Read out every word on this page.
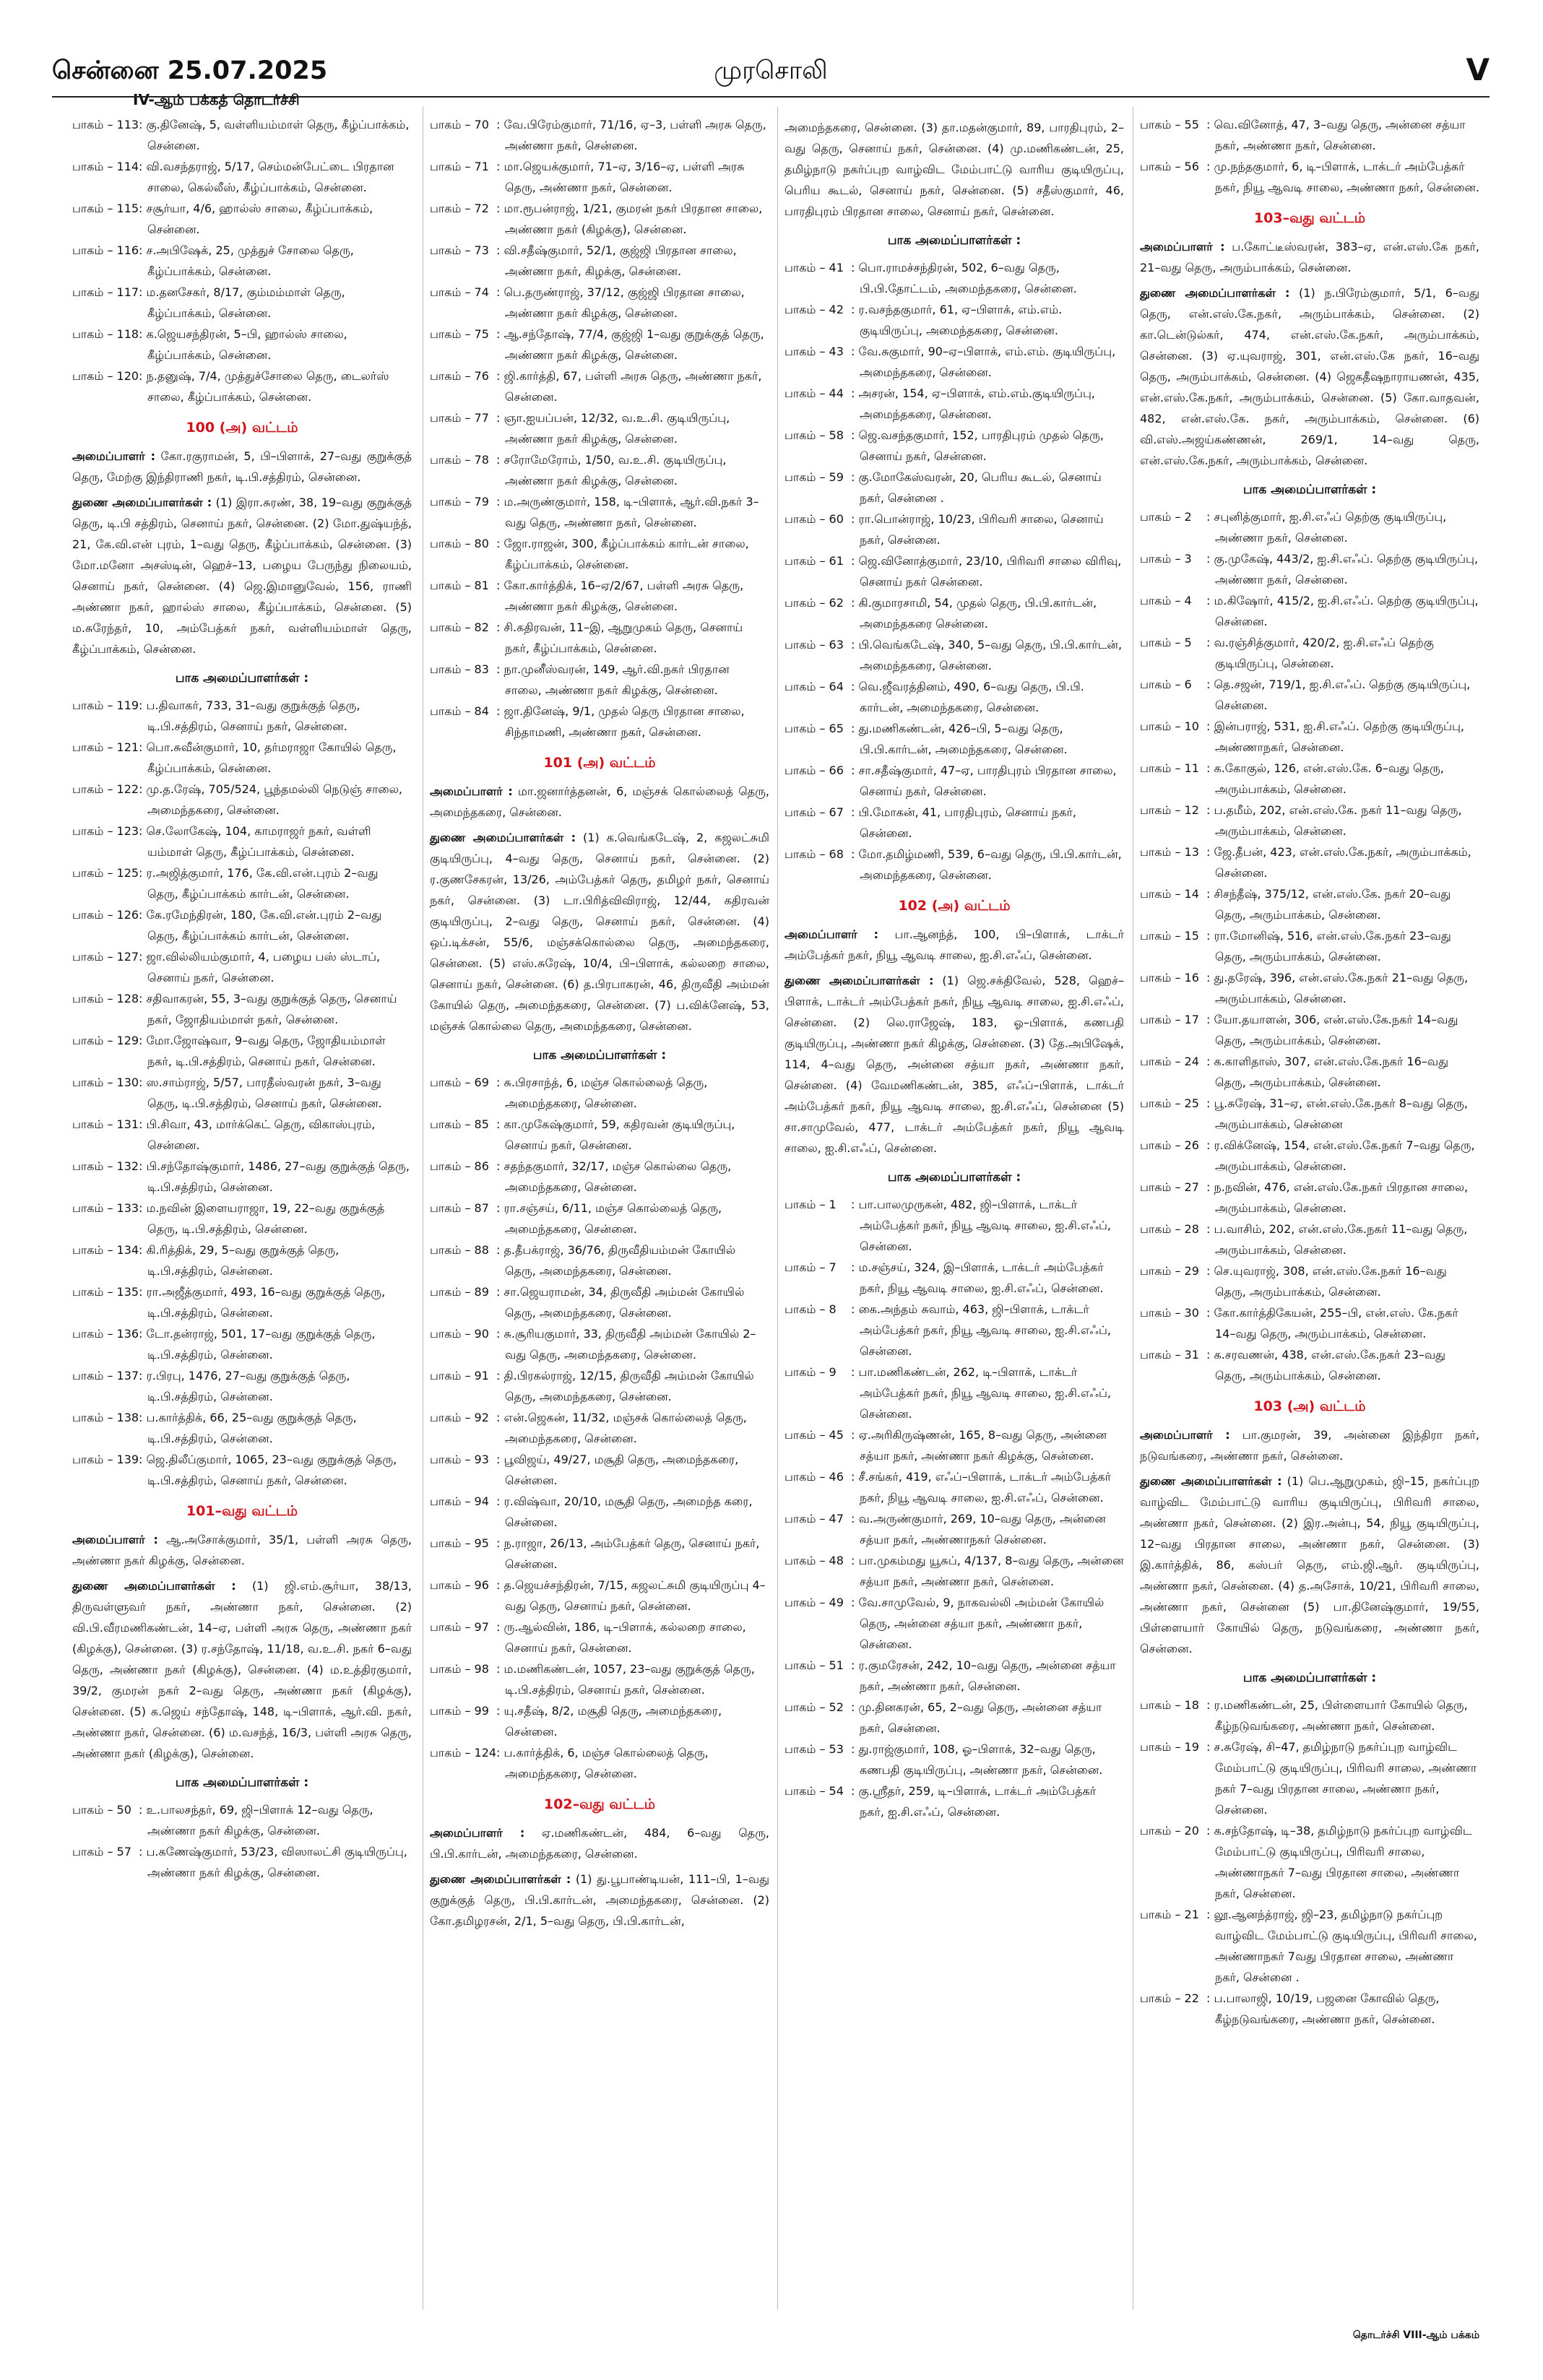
சென்னை 25.07.2025	முரசொலி	V
IV-ஆம் பக்கத் தொடர்ச்சி
பாகம் – 113 : கு.தினேஷ், 5, வள்ளியம்மாள் தெரு, கீழ்ப்பாக்கம், சென்னை.
பாகம் – 114 : வி.வசந்தராஜ், 5/17, செம்மன்பேட்டை பிரதான சாலை, கெல்லீஸ், கீழ்ப்பாக்கம், சென்னை.
பாகம் – 115 : சசூர்யா, 4/6, ஹால்ஸ் சாலை, கீழ்ப்பாக்கம், சென்னை.
பாகம் – 116 : ச.அபிஷேக், 25, முத்துச் சோலை தெரு, கீழ்ப்பாக்கம், சென்னை.
பாகம் – 117 : ம.தனசேகர், 8/17, கும்மம்மாள் தெரு, கீழ்ப்பாக்கம், சென்னை.
பாகம் – 118 : க.ஜெயசந்திரன், 5–பி, ஹால்ஸ் சாலை, கீழ்ப்பாக்கம், சென்னை.
பாகம் – 120 : ந.தனுஷ், 7/4, முத்துச்சோலை தெரு, டைலர்ஸ் சாலை, கீழ்ப்பாக்கம், சென்னை.
100 (அ) வட்டம்
அமைப்பாளர் : கோ.ரகுராமன், 5, பி–பிளாக், 27–வது குறுக்குத் தெரு, மேற்கு இந்திராணி நகர், டி.பி.சத்திரம், சென்னை.
துணை அமைப்பாளர்கள் : (1) இரா.சுரண், 38, 19–வது குறுக்குத் தெரு, டி.பி சத்திரம், செனாய் நகர், சென்னை. (2) மோ.துஷ்யந்த், 21, கே.வி.என் புரம், 1–வது தெரு, கீழ்ப்பாக்கம், சென்னை. (3) மோ.மனோ அசஸ்டின், ஹெச்–13, பழைய பேருந்து நிலையம், செனாய் நகர், சென்னை. (4) ஜெ.இமானுவேல், 156, ராணி அண்ணா நகர், ஹால்ஸ் சாலை, கீழ்ப்பாக்கம், சென்னை. (5) ம.சுரேந்தர், 10, அம்பேத்கர் நகர், வள்ளியம்மாள் தெரு, கீழ்ப்பாக்கம், சென்னை.
பாக அமைப்பாளர்கள் :
பாகம் – 119 : ப.திவாகர், 733, 31–வது குறுக்குத் தெரு, டி.பி.சத்திரம், செனாய் நகர், சென்னை.
பாகம் – 121 : பொ.சுவீன்குமார், 10, தர்மராஜா கோயில் தெரு, கீழ்ப்பாக்கம், சென்னை.
பாகம் – 122 : மு.த.ரேஷ், 705/524, பூந்தமல்லி நெடுஞ் சாலை, அமைந்தகரை, சென்னை.
பாகம் – 123 : செ.லோகேஷ், 104, காமராஜர் நகர், வள்ளி யம்மாள் தெரு, கீழ்ப்பாக்கம், சென்னை.
பாகம் – 125 : ர.அஜித்குமார், 176, கே.வி.என்.புரம் 2–வது தெரு, கீழ்ப்பாக்கம் கார்டன், சென்னை.
பாகம் – 126 : கே.ரமேந்திரன், 180, கே.வி.என்.புரம் 2–வது தெரு, கீழ்ப்பாக்கம் கார்டன், சென்னை.
பாகம் – 127 : ஜா.வில்லியம்குமார், 4, பழைய பஸ் ஸ்டாப், செனாய் நகர், சென்னை.
பாகம் – 128 : சதிவாகரன், 55, 3–வது குறுக்குத் தெரு, செனாய் நகர், ஜோதியம்மாள் நகர், சென்னை.
பாகம் – 129 : மோ.ஜோஷ்வா, 9–வது தெரு, ஜோதியம்மாள் நகர், டி.பி.சத்திரம், செனாய் நகர், சென்னை.
பாகம் – 130 : ஸ.சாம்ராஜ், 5/57, பாரதீஸ்வரன் நகர், 3–வது தெரு, டி.பி.சத்திரம், செனாய் நகர், சென்னை.
பாகம் – 131 : பி.சிவா, 43, மார்க்கெட் தெரு, விகாஸ்புரம், சென்னை.
பாகம் – 132 : பி.சந்தோஷ்குமார், 1486, 27–வது குறுக்குத் தெரு, டி.பி.சத்திரம், சென்னை.
பாகம் – 133 : ம.நவின் இளையராஜா, 19, 22–வது குறுக்குத் தெரு, டி.பி.சத்திரம், சென்னை.
பாகம் – 134 : கி.ரித்திக், 29, 5–வது குறுக்குத் தெரு, டி.பி.சத்திரம், சென்னை.
பாகம் – 135 : ரா.அஜீத்குமார், 493, 16–வது குறுக்குத் தெரு, டி.பி.சத்திரம், சென்னை.
பாகம் – 136 : டோ.தன்ராஜ், 501, 17–வது குறுக்குத் தெரு, டி.பி.சத்திரம், சென்னை.
பாகம் – 137 : ர.பிரபு, 1476, 27–வது குறுக்குத் தெரு, டி.பி.சத்திரம், சென்னை.
பாகம் – 138 : ப.கார்த்திக், 66, 25–வது குறுக்குத் தெரு, டி.பி.சத்திரம், சென்னை.
பாகம் – 139 : ஜெ.திலீப்குமார், 1065, 23–வது குறுக்குத் தெரு, டி.பி.சத்திரம், செனாய் நகர், சென்னை.
101–வது வட்டம்
அமைப்பாளர் : ஆ.அசோக்குமார், 35/1, பள்ளி அரசு தெரு, அண்ணா நகர் கிழக்கு, சென்னை.
துணை அமைப்பாளர்கள் : (1) ஜி.எம்.சூர்யா, 38/13, திருவள்ளுவர் நகர், அண்ணா நகர், சென்னை. (2) வி.பி.வீரமணிகண்டன், 14–ஏ, பள்ளி அரசு தெரு, அண்ணா நகர் (கிழக்கு), சென்னை. (3) ர.சந்தோஷ், 11/18, வ.உ.சி. நகர் 6–வது தெரு, அண்ணா நகர் (கிழக்கு), சென்னை. (4) ம.உத்திரகுமார், 39/2, குமரன் நகர் 2–வது தெரு, அண்ணா நகர் (கிழக்கு), சென்னை. (5) க.ஜெய் சந்தோஷ், 148, டி–பிளாக், ஆர்.வி. நகர், அண்ணா நகர், சென்னை. (6) ம.வசந்த், 16/3, பள்ளி அரசு தெரு, அண்ணா நகர் (கிழக்கு), சென்னை.
பாக அமைப்பாளர்கள் :
பாகம் – 50 : உ.பாலசந்தர், 69, ஜி–பிளாக் 12–வது தெரு, அண்ணா நகர் கிழக்கு, சென்னை.
பாகம் – 57 : ப.கணேஷ்குமார், 53/23, விஸாலட்சி குடியிருப்பு, அண்ணா நகர் கிழக்கு, சென்னை.
பாகம் – 70 : வே.பிரேம்குமார், 71/16, ஏ–3, பள்ளி அரசு தெரு, அண்ணா நகர், சென்னை.
பாகம் – 71 : மா.ஜெயக்குமார், 71–ஏ, 3/16–ஏ, பள்ளி அரசு தெரு, அண்ணா நகர், சென்னை.
பாகம் – 72 : மா.ரூபன்ராஜ், 1/21, குமரன் நகர் பிரதான சாலை, அண்ணா நகர் (கிழக்கு), சென்னை.
பாகம் – 73 : வி.சதீஷ்குமார், 52/1, குஜ்ஜி பிரதான சாலை, அண்ணா நகர், கிழக்கு, சென்னை.
பாகம் – 74 : பெ.தருண்ராஜ், 37/12, குஜ்ஜி பிரதான சாலை, அண்ணா நகர் கிழக்கு, சென்னை.
பாகம் – 75 : ஆ.சந்தோஷ், 77/4, குஜ்ஜி 1–வது குறுக்குத் தெரு, அண்ணா நகர் கிழக்கு, சென்னை.
பாகம் – 76 : ஜி.கார்த்தி, 67, பள்ளி அரசு தெரு, அண்ணா நகர், சென்னை.
பாகம் – 77 : ஞா.ஐயப்பன், 12/32, வ.உ.சி. குடியிருப்பு, அண்ணா நகர் கிழக்கு, சென்னை.
பாகம் – 78 : சரோமேரோம், 1/50, வ.உ.சி. குடியிருப்பு, அண்ணா நகர் கிழக்கு, சென்னை.
பாகம் – 79 : ம.அருண்குமார், 158, டி–பிளாக், ஆர்.வி.நகர் 3–வது தெரு, அண்ணா நகர், சென்னை.
பாகம் – 80 : ஜோ.ராஜன், 300, கீழ்ப்பாக்கம் கார்டன் சாலை, கீழ்ப்பாக்கம், சென்னை.
பாகம் – 81 : கோ.கார்த்திக், 16–ஏ/2/67, பள்ளி அரசு தெரு, அண்ணா நகர் கிழக்கு, சென்னை.
பாகம் – 82 : சி.கதிரவன், 11–இ, ஆறுமுகம் தெரு, செனாய் நகர், கீழ்ப்பாக்கம், சென்னை.
பாகம் – 83 : நா.முனீஸ்வரன், 149, ஆர்.வி.நகர் பிரதான சாலை, அண்ணா நகர் கிழக்கு, சென்னை.
பாகம் – 84 : ஜா.தினேஷ், 9/1, முதல் தெரு பிரதான சாலை, சிந்தாமணி, அண்ணா நகர், சென்னை.
101 (அ) வட்டம்
அமைப்பாளர் : மா.ஜனார்த்தனன், 6, மஞ்சக் கொல்லைத் தெரு, அமைந்தகரை, சென்னை.
துணை அமைப்பாளர்கள் : (1) க.வெங்கடேஷ், 2, கஜலட்சுமி குடியிருப்பு, 4–வது தெரு, செனாய் நகர், சென்னை. (2) ர.குணசேகரன், 13/26, அம்பேத்கர் தெரு, தமிழர் நகர், செனாய் நகர், சென்னை. (3) டா.பிரித்விவிராஜ், 12/44, கதிரவன் குடியிருப்பு, 2–வது தெரு, செனாய் நகர், சென்னை. (4) ஒப்.டிக்சன், 55/6, மஞ்சக்கொல்லை தெரு, அமைந்தகரை, சென்னை. (5) எஸ்.சுரேஷ், 10/4, பி–பிளாக், கல்லறை சாலை, செனாய் நகர், சென்னை. (6) த.பிரபாகரன், 46, திருவீதி அம்மன் கோயில் தெரு, அமைந்தகரை, சென்னை. (7) ப.விக்னேஷ், 53, மஞ்சக் கொல்லை தெரு, அமைந்தகரை, சென்னை.
பாக அமைப்பாளர்கள் :
பாகம் – 69 : சு.பிரசாந்த், 6, மஞ்ச கொல்லைத் தெரு, அமைந்தகரை, சென்னை.
பாகம் – 85 : கா.முகேஷ்குமார், 59, கதிரவன் குடியிருப்பு, செனாய் நகர், சென்னை.
பாகம் – 86 : சதந்தகுமார், 32/17, மஞ்ச கொல்லை தெரு, அமைந்தகரை, சென்னை.
பாகம் – 87 : ரா.சஞ்சய், 6/11, மஞ்ச கொல்லைத் தெரு, அமைந்தகரை, சென்னை.
பாகம் – 88 : த.தீபக்ராஜ், 36/76, திருவீதியம்மன் கோயில் தெரு, அமைந்தகரை, சென்னை.
பாகம் – 89 : சா.ஜெயராமன், 34, திருவீதி அம்மன் கோயில் தெரு, அமைந்தகரை, சென்னை.
பாகம் – 90 : சு.சூரியகுமார், 33, திருவீதி அம்மன் கோயில் 2–வது தெரு, அமைந்தகரை, சென்னை.
பாகம் – 91 : தி.பிரகல்ராஜ், 12/15, திருவீதி அம்மன் கோயில் தெரு, அமைந்தகரை, சென்னை.
பாகம் – 92 : என்.ஜெகன், 11/32, மஞ்சக் கொல்லைத் தெரு, அமைந்தகரை, சென்னை.
பாகம் – 93 : பூவிஜய், 49/27, மசூதி தெரு, அமைந்தகரை, சென்னை.
பாகம் – 94 : ர.விஷ்வா, 20/10, மசூதி தெரு, அமைந்த கரை, சென்னை.
பாகம் – 95 : ந.ராஜா, 26/13, அம்பேத்கர் தெரு, செனாய் நகர், சென்னை.
பாகம் – 96 : த.ஜெயச்சந்திரன், 7/15, கஜலட்சுமி குடியிருப்பு 4–வது தெரு, செனாய் நகர், சென்னை.
பாகம் – 97 : ரு.ஆல்வின், 186, டி–பிளாக், கல்லறை சாலை, செனாய் நகர், சென்னை.
பாகம் – 98 : ம.மணிகண்டன், 1057, 23–வது குறுக்குத் தெரு, டி.பி.சத்திரம், செனாய் நகர், சென்னை.
பாகம் – 99 : யு.சதீஷ், 8/2, மசூதி தெரு, அமைந்தகரை, சென்னை.
பாகம் – 124 : ப.கார்த்திக், 6, மஞ்ச கொல்லைத் தெரு, அமைந்தகரை, சென்னை.
102–வது வட்டம்
அமைப்பாளர் : ஏ.மணிகண்டன், 484, 6–வது தெரு, பி.பி.கார்டன், அமைந்தகரை, சென்னை.
துணை அமைப்பாளர்கள் : (1) து.பூபாண்டியன், 111–பி, 1–வது குறுக்குத் தெரு, பி.பி.கார்டன், அமைந்தகரை, சென்னை. (2) கோ.தமிழரசன், 2/1, 5–வது தெரு, பி.பி.கார்டன்,
அமைந்தகரை, சென்னை. (3) தா.மதன்குமார், 89, பாரதிபுரம், 2–வது தெரு, செனாய் நகர், சென்னை. (4) மு.மணிகண்டன், 25, தமிழ்நாடு நகர்ப்புற வாழ்விட மேம்பாட்டு வாரிய குடியிருப்பு, பெரிய கூடல், செனாய் நகர், சென்னை. (5) சதீஸ்குமார், 46, பாரதிபுரம் பிரதான சாலை, செனாய் நகர், சென்னை.
பாக அமைப்பாளர்கள் :
பாகம் – 41 : பொ.ராமச்சந்திரன், 502, 6–வது தெரு, பி.பி.தோட்டம், அமைந்தகரை, சென்னை.
பாகம் – 42 : ர.வசந்தகுமார், 61, ஏ–பிளாக், எம்.எம். குடியிருப்பு, அமைந்தகரை, சென்னை.
பாகம் – 43 : வே.சுகுமார், 90–ஏ–பிளாக், எம்.எம். குடியிருப்பு, அமைந்தகரை, சென்னை.
பாகம் – 44 : அசரன், 154, ஏ–பிளாக், எம்.எம்.குடியிருப்பு, அமைந்தகரை, சென்னை.
பாகம் – 58 : ஜெ.வசந்தகுமார், 152, பாரதிபுரம் முதல் தெரு, செனாய் நகர், சென்னை.
பாகம் – 59 : கு.மோகேஸ்வரன், 20, பெரிய கூடல், செனாய் நகர், சென்னை .
பாகம் – 60 : ரா.பொன்ராஜ், 10/23, பிரிவரி சாலை, செனாய் நகர், சென்னை.
பாகம் – 61 : ஜெ.வினோத்குமார், 23/10, பிரிவரி சாலை விரிவு, செனாய் நகர் சென்னை.
பாகம் – 62 : கி.குமாரசாமி, 54, முதல் தெரு, பி.பி.கார்டன், அமைந்தகரை சென்னை.
பாகம் – 63 : பி.வெங்கடேஷ், 340, 5–வது தெரு, பி.பி.கார்டன், அமைந்தகரை, சென்னை.
பாகம் – 64 : வெ.ஜீவரத்தினம், 490, 6–வது தெரு, பி.பி. கார்டன், அமைந்தகரை, சென்னை.
பாகம் – 65 : து.மணிகண்டன், 426–பி, 5–வது தெரு, பி.பி.கார்டன், அமைந்தகரை, சென்னை.
பாகம் – 66 : சா.சதீஷ்குமார், 47–ஏ, பாரதிபுரம் பிரதான சாலை, செனாய் நகர், சென்னை.
பாகம் – 67 : பி.மோகன், 41, பாரதிபுரம், செனாய் நகர், சென்னை.
பாகம் – 68 : மோ.தமிழ்மணி, 539, 6–வது தெரு, பி.பி.கார்டன், அமைந்தகரை, சென்னை.
102 (அ) வட்டம்
அமைப்பாளர் : பா.ஆனந்த், 100, பி–பிளாக், டாக்டர் அம்பேத்கர் நகர், நியூ ஆவடி சாலை, ஐ.சி.எஃப், சென்னை.
துணை அமைப்பாளர்கள் : (1) ஜெ.சக்திவேல், 528, ஹெச்–பிளாக், டாக்டர் அம்பேத்கர் நகர், நியூ ஆவடி சாலை, ஐ.சி.எஃப், சென்னை. (2) லெ.ராஜேஷ், 183, ஓ–பிளாக், கணபதி குடியிருப்பு, அண்ணா நகர் கிழக்கு, சென்னை. (3) தே.அபிஷேக், 114, 4–வது தெரு, அன்னை சத்யா நகர், அண்ணா நகர், சென்னை. (4) வேமணிகண்டன், 385, எஃப்–பிளாக், டாக்டர் அம்பேத்கர் நகர், நியூ ஆவடி சாலை, ஐ.சி.எஃப், சென்னை (5) சா.சாமுவேல், 477, டாக்டர் அம்பேத்கர் நகர், நியூ ஆவடி சாலை, ஐ.சி.எஃப், சென்னை.
பாக அமைப்பாளர்கள் :
பாகம் – 1	: பா.பாலமுருகன், 482, ஜி–பிளாக், டாக்டர் அம்பேத்கர் நகர், நியூ ஆவடி சாலை, ஐ.சி.எஃப், சென்னை.
பாகம் – 7	: ம.சஞ்சய், 324, இ–பிளாக், டாக்டர் அம்பேத்கர் நகர், நியூ ஆவடி சாலை, ஐ.சி.எஃப், சென்னை.
பாகம் – 8	: கை.அந்தம் சுவாம், 463, ஜி–பிளாக், டாக்டர் அம்பேத்கர் நகர், நியூ ஆவடி சாலை, ஐ.சி.எஃப், சென்னை.
பாகம் – 9	: பா.மணிகண்டன், 262, டி–பிளாக், டாக்டர் அம்பேத்கர் நகர், நியூ ஆவடி சாலை, ஐ.சி.எஃப், சென்னை.
பாகம் – 45 : ஏ.அரிகிருஷ்ணன், 165, 8–வது தெரு, அன்னை சத்யா நகர், அண்ணா நகர் கிழக்கு, சென்னை.
பாகம் – 46 : சீ.சங்கர், 419, எஃப்–பிளாக், டாக்டர் அம்பேத்கர் நகர், நியூ ஆவடி சாலை, ஐ.சி.எஃப், சென்னை.
பாகம் – 47 : வ.அருண்குமார், 269, 10–வது தெரு, அன்னை சத்யா நகர், அண்ணாநகர் சென்னை.
பாகம் – 48 : பா.முகம்மது யூசுப், 4/137, 8–வது தெரு, அன்னை சத்யா நகர், அண்ணா நகர், சென்னை.
பாகம் – 49 : வே.சாமுவேல், 9, நாகவல்லி அம்மன் கோயில் தெரு, அன்னை சத்யா நகர், அண்ணா நகர், சென்னை.
பாகம் – 51 : ர.குமரேசன், 242, 10–வது தெரு, அன்னை சத்யா நகர், அண்ணா நகர், சென்னை.
பாகம் – 52 : மு.தினகரன், 65, 2–வது தெரு, அன்னை சத்யா நகர், சென்னை.
பாகம் – 53 : து.ராஜ்குமார், 108, ஓ–பிளாக், 32–வது தெரு, கணபதி குடியிருப்பு, அண்ணா நகர், சென்னை.
பாகம் – 54 : கு.ஸ்ரீதர், 259, டி–பிளாக், டாக்டர் அம்பேத்கர் நகர், ஐ.சி.எஃப், சென்னை.
பாகம் – 55 : வெ.வினோத், 47, 3–வது தெரு, அன்னை சத்யா நகர், அண்ணா நகர், சென்னை.
பாகம் – 56 : மு.நந்தகுமார், 6, டி–பிளாக், டாக்டர் அம்பேத்கர் நகர், நியூ ஆவடி சாலை, அண்ணா நகர், சென்னை.
103–வது வட்டம்
அமைப்பாளர் : ப.கோட்டீஸ்வரன், 383–ஏ, என்.எஸ்.கே நகர், 21–வது தெரு, அரும்பாக்கம், சென்னை.
துணை அமைப்பாளர்கள் : (1) ந.பிரேம்குமார், 5/1, 6–வது தெரு, என்.எஸ்.கே.நகர், அரும்பாக்கம், சென்னை. (2) கா.டென்டுல்கர், 474, என்.எஸ்.கே.நகர், அரும்பாக்கம், சென்னை. (3) ஏ.யுவராஜ், 301, என்.எஸ்.கே நகர், 16–வது தெரு, அரும்பாக்கம், சென்னை. (4) ஜெகதீஷநாராயணன், 435, என்.எஸ்.கே.நகர், அரும்பாக்கம், சென்னை. (5) கோ.வாதவன், 482, என்.எஸ்.கே. நகர், அரும்பாக்கம், சென்னை. (6) வி.எஸ்.அஜய்கண்ணன், 269/1, 14–வது தெரு, என்.எஸ்.கே.நகர், அரும்பாக்கம், சென்னை.
பாக அமைப்பாளர்கள் :
பாகம் – 2	: சபுனித்குமார், ஐ.சி.எஃப் தெற்கு குடியிருப்பு, அண்ணா நகர், சென்னை.
பாகம் – 3	: கு.முகேஷ், 443/2, ஐ.சி.எஃப். தெற்கு குடியிருப்பு, அண்ணா நகர், சென்னை.
பாகம் – 4	: ம.கிஷோர், 415/2, ஐ.சி.எஃப். தெற்கு குடியிருப்பு, சென்னை.
பாகம் – 5	: வ.ரஞ்சித்குமார், 420/2, ஐ.சி.எஃப் தெற்கு குடியிருப்பு, சென்னை.
பாகம் – 6	: தெ.சஜன், 719/1, ஐ.சி.எஃப். தெற்கு குடியிருப்பு, சென்னை.
பாகம் – 10 : இன்பராஜ், 531, ஐ.சி.எஃப். தெற்கு குடியிருப்பு, அண்ணாநகர், சென்னை.
பாகம் – 11 : க.கோகுல், 126, என்.எஸ்.கே. 6–வது தெரு, அரும்பாக்கம், சென்னை.
பாகம் – 12 : ப.தமீம், 202, என்.எஸ்.கே. நகர் 11–வது தெரு, அரும்பாக்கம், சென்னை.
பாகம் – 13 : ஜே.தீபன், 423, என்.எஸ்.கே.நகர், அரும்பாக்கம், சென்னை.
பாகம் – 14 : சிசந்தீஷ், 375/12, என்.எஸ்.கே. நகர் 20–வது தெரு, அரும்பாக்கம், சென்னை.
பாகம் – 15 : ரா.மோனிஷ், 516, என்.எஸ்.கே.நகர் 23–வது தெரு, அரும்பாக்கம், சென்னை.
பாகம் – 16 : து.தரேஷ், 396, என்.எஸ்.கே.நகர் 21–வது தெரு, அரும்பாக்கம், சென்னை.
பாகம் – 17 : யோ.தயாளன், 306, என்.எஸ்.கே.நகர் 14–வது தெரு, அரும்பாக்கம், சென்னை.
பாகம் – 24 : க.காளிதாஸ், 307, என்.எஸ்.கே.நகர் 16–வது தெரு, அரும்பாக்கம், சென்னை.
பாகம் – 25 : பூ.சுரேஷ், 31–ஏ, என்.எஸ்.கே.நகர் 8–வது தெரு, அரும்பாக்கம், சென்னை
பாகம் – 26 : ர.விக்னேஷ், 154, என்.எஸ்.கே.நகர் 7–வது தெரு, அரும்பாக்கம், சென்னை.
பாகம் – 27 : ந.நவின், 476, என்.எஸ்.கே.நகர் பிரதான சாலை, அரும்பாக்கம், சென்னை.
பாகம் – 28 : ப.வாசிம், 202, என்.எஸ்.கே.நகர் 11–வது தெரு, அரும்பாக்கம், சென்னை.
பாகம் – 29 : செ.யுவராஜ், 308, என்.எஸ்.கே.நகர் 16–வது தெரு, அரும்பாக்கம், சென்னை.
பாகம் – 30 : கோ.கார்த்திகேயன், 255–பி, என்.எஸ். கே.நகர் 14–வது தெரு, அரும்பாக்கம், சென்னை.
பாகம் – 31 : க.சரவணன், 438, என்.எஸ்.கே.நகர் 23–வது தெரு, அரும்பாக்கம், சென்னை.
103 (அ) வட்டம்
அமைப்பாளர் : பா.குமரன், 39, அன்னை இந்திரா நகர், நடுவங்கரை, அண்ணா நகர், சென்னை.
துணை அமைப்பாளர்கள் : (1) பெ.ஆறுமுகம், ஜி–15, நகர்ப்புற வாழ்விட மேம்பாட்டு வாரிய குடியிருப்பு, பிரிவரி சாலை, அண்ணா நகர், சென்னை. (2) இர.அன்பு, 54, நியூ குடியிருப்பு, 12–வது பிரதான சாலை, அண்ணா நகர், சென்னை. (3) இ.கார்த்திக், 86, கஸ்பர் தெரு, எம்.ஜி.ஆர். குடியிருப்பு, அண்ணா நகர், சென்னை. (4) த.அசோக், 10/21, பிரிவரி சாலை, அண்ணா நகர், சென்னை (5) பா.தினேஷ்குமார், 19/55, பிள்ளையார் கோயில் தெரு, நடுவங்கரை, அண்ணா நகர், சென்னை.
பாக அமைப்பாளர்கள் :
பாகம் – 18 : ர.மணிகண்டன், 25, பிள்ளையார் கோயில் தெரு, கீழ்நடுவங்கரை, அண்ணா நகர், சென்னை.
பாகம் – 19 : ச.சுரேஷ், சி–47, தமிழ்நாடு நகர்ப்புற வாழ்விட மேம்பாட்டு குடியிருப்பு, பிரிவரி சாலை, அண்ணா நகர் 7–வது பிரதான சாலை, அண்ணா நகர், சென்னை.
பாகம் – 20 : க.சந்தோஷ், டி–38, தமிழ்நாடு நகர்ப்புற வாழ்விட மேம்பாட்டு குடியிருப்பு, பிரிவரி சாலை, அண்ணாநகர் 7–வது பிரதான சாலை, அண்ணா நகர், சென்னை.
பாகம் – 21 : லூ.ஆனந்த்ராஜ், ஜி–23, தமிழ்நாடு நகர்ப்புற வாழ்விட மேம்பாட்டு குடியிருப்பு, பிரிவரி சாலை, அண்ணாநகர் 7வது பிரதான சாலை, அண்ணா நகர், சென்னை .
பாகம் – 22 : ப.பாலாஜி, 10/19, பஜனை கோவில் தெரு, கீழ்நடுவங்கரை, அண்ணா நகர், சென்னை.
தொடர்ச்சி VIII-ஆம் பக்கம்
